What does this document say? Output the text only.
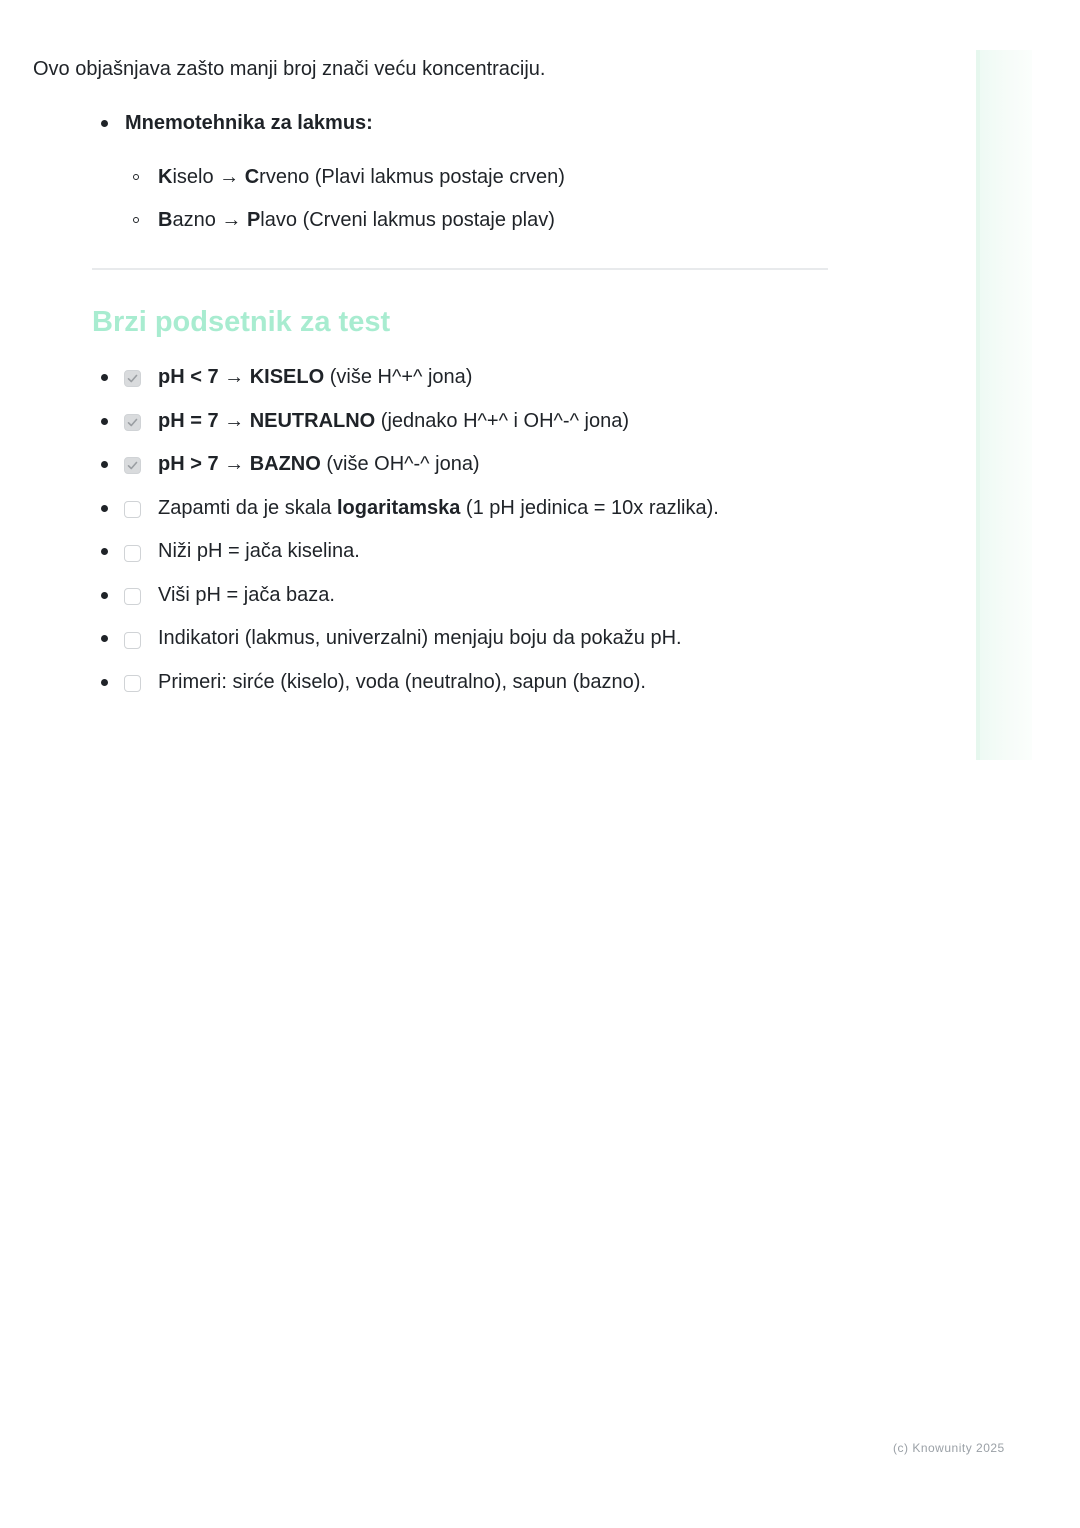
Ovo objašnjava zašto manji broj znači veću koncentraciju.
Mnemotehnika za lakmus:
Kiselo → Crveno (Plavi lakmus postaje crven)
Bazno → Plavo (Crveni lakmus postaje plav)
Brzi podsetnik za test
pH < 7 → KISELO (više H^+^ jona)
pH = 7 → NEUTRALNO (jednako H^+^ i OH^-^ jona)
pH > 7 → BAZNO (više OH^-^ jona)
Zapamti da je skala logaritamska (1 pH jedinica = 10x razlika).
Niži pH = jača kiselina.
Viši pH = jača baza.
Indikatori (lakmus, univerzalni) menjaju boju da pokažu pH.
Primeri: sirće (kiselo), voda (neutralno), sapun (bazno).
(c) Knowunity 2025
